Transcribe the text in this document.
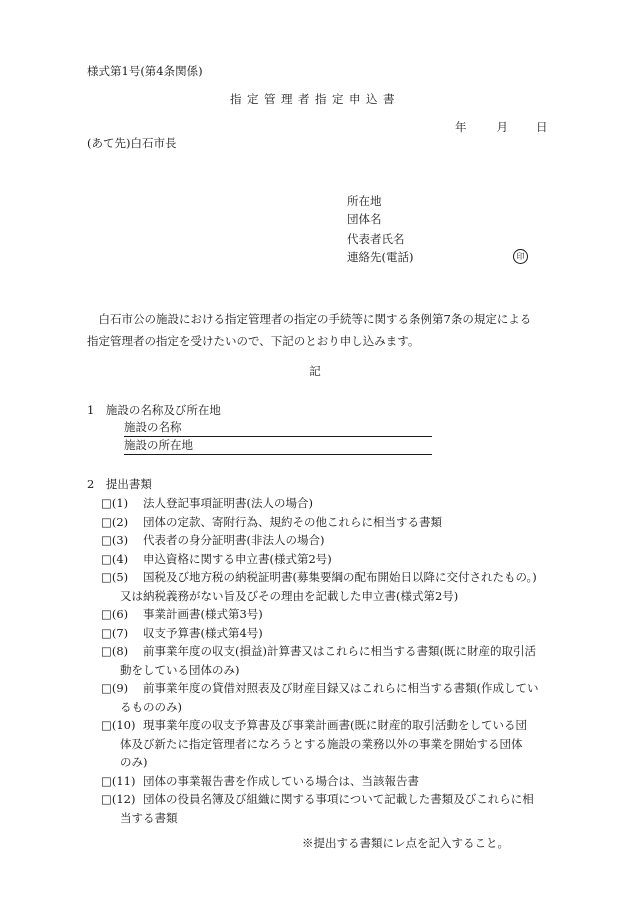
様式第1号(第4条関係)
指定管理者指定申込書
年	月 日
(あて先)白石市長
所在地
団体名
代表者氏名
連絡先(電話)	印

白石市公の施設における指定管理者の指定の手続等に関する条例第7条の規定による

指定管理者の指定を受けたいので、下記のとおり申し込みます。

記
1　施設の名称及び所在地
施設の名称
施設の所在地
2　提出書類
□(1) 法人登記事項証明書(法人の場合)
□(2) 団体の定款、寄附行為、規約その他これらに相当する書類
□(3) 代表者の身分証明書(非法人の場合)
□(4) 申込資格に関する申立書(様式第2号)
□(5) 国税及び地方税の納税証明書(募集要綱の配布開始日以降に交付されたもの。)
又は納税義務がない旨及びその理由を記載した申立書(様式第2号)
□(6) 事業計画書(様式第3号)
□(7) 収支予算書(様式第4号)
□(8) 前事業年度の収支(損益)計算書又はこれらに相当する書類(既に財産的取引活
動をしている団体のみ)
□(9) 前事業年度の貸借対照表及び財産目録又はこれらに相当する書類(作成してい
るもののみ)
□(10) 現事業年度の収支予算書及び事業計画書(既に財産的取引活動をしている団
体及び新たに指定管理者になろうとする施設の業務以外の事業を開始する団体
のみ)
□(11) 団体の事業報告書を作成している場合は、当該報告書
□(12) 団体の役員名簿及び組織に関する事項について記載した書類及びこれらに相
当する書類
※提出する書類にレ点を記入すること。
